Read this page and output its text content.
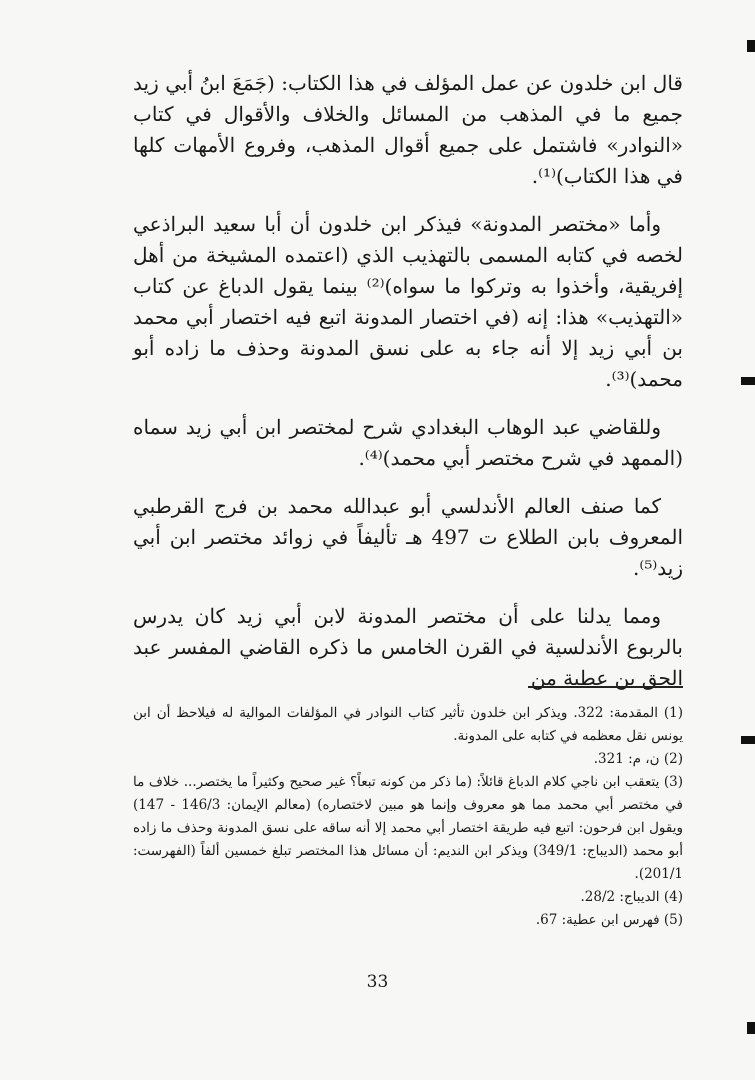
قال ابن خلدون عن عمل المؤلف في هذا الكتاب: (جَمَعَ ابنُ أبي زيد جميع ما في المذهب من المسائل والخلاف والأقوال في كتاب «النوادر» فاشتمل على جميع أقوال المذهب، وفروع الأمهات كلها في هذا الكتاب)⁽¹⁾.

وأما «مختصر المدونة» فيذكر ابن خلدون أن أبا سعيد البراذعي لخصه في كتابه المسمى بالتهذيب الذي (اعتمده المشيخة من أهل إفريقية، وأخذوا به وتركوا ما سواه)⁽²⁾ بينما يقول الدباغ عن كتاب «التهذيب» هذا: إنه (في اختصار المدونة اتبع فيه اختصار أبي محمد بن أبي زيد إلا أنه جاء به على نسق المدونة وحذف ما زاده أبو محمد)⁽³⁾.

وللقاضي عبد الوهاب البغدادي شرح لمختصر ابن أبي زيد سماه (الممهد في شرح مختصر أبي محمد)⁽⁴⁾.

كما صنف العالم الأندلسي أبو عبدالله محمد بن فرج القرطبي المعروف بابن الطلاع ت 497 هـ تأليفاً في زوائد مختصر ابن أبي زيد⁽⁵⁾.

ومما يدلنا على أن مختصر المدونة لابن أبي زيد كان يدرس بالربوع الأندلسية في القرن الخامس ما ذكره القاضي المفسر عبد الحق بن عطية من

(1) المقدمة: 322. ويذكر ابن خلدون تأثير كتاب النوادر في المؤلفات الموالية له فيلاحظ أن ابن يونس نقل معظمه في كتابه على المدونة.

(2) ن، م: 321.

(3) يتعقب ابن ناجي كلام الدباغ قائلاً: (ما ذكر من كونه تبعاً؟ غير صحيح وكثيراً ما يختصر... خلاف ما في مختصر أبي محمد مما هو معروف وإنما هو مبين لاختصاره) (معالم الإيمان: 146/3 - 147) ويقول ابن فرحون: اتبع فيه طريقة اختصار أبي محمد إلا أنه ساقه على نسق المدونة وحذف ما زاده أبو محمد (الديباج: 349/1) ويذكر ابن النديم: أن مسائل هذا المختصر تبلغ خمسين ألفاً (الفهرست: 201/1).

(4) الديباج: 28/2.

(5) فهرس ابن عطية: 67.

33
